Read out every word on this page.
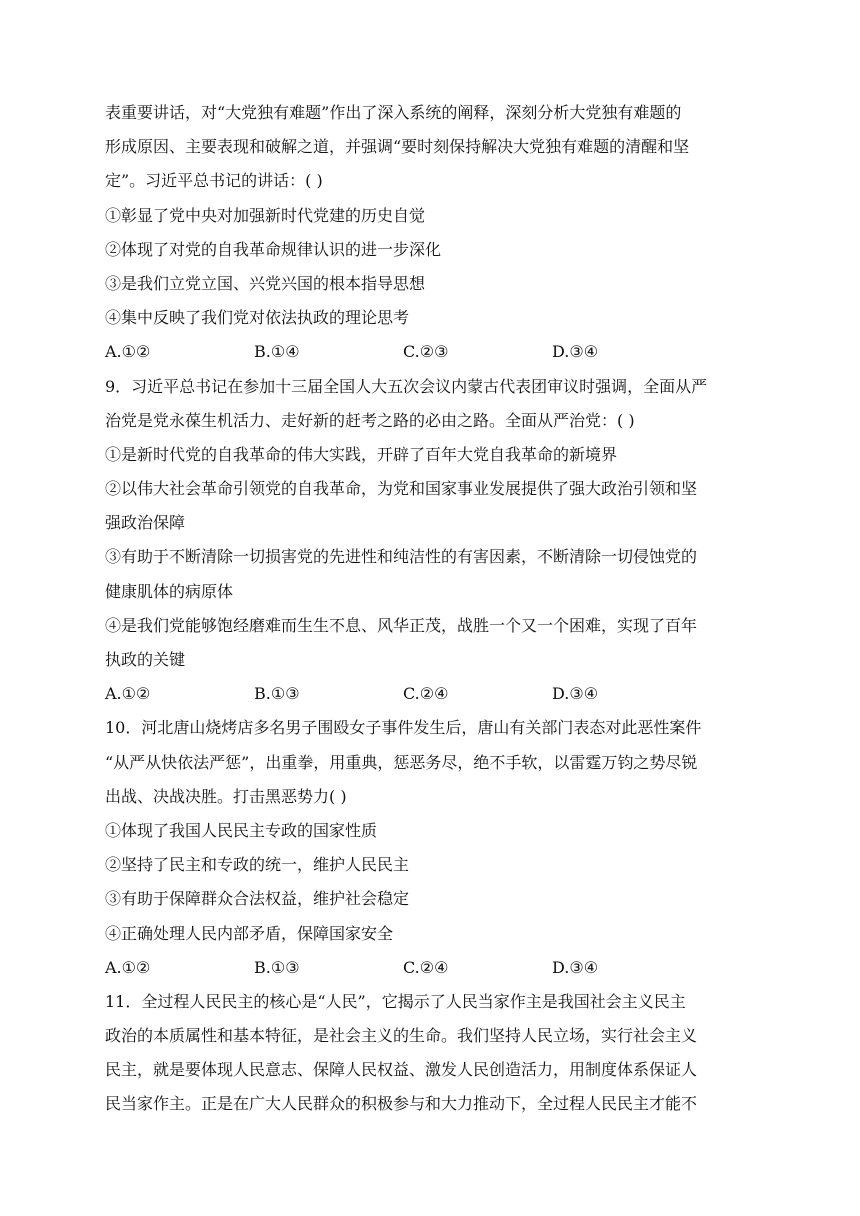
表重要讲话，对“大党独有难题”作出了深入系统的阐释，深刻分析大党独有难题的
形成原因、主要表现和破解之道，并强调“要时刻保持解决大党独有难题的清醒和坚
定”。习近平总书记的讲话：( )
①彰显了党中央对加强新时代党建的历史自觉
②体现了对党的自我革命规律认识的进一步深化
③是我们立党立国、兴党兴国的根本指导思想
④集中反映了我们党对依法执政的理论思考
A.①②	B.①④	C.②③	D.③④
9．习近平总书记在参加十三届全国人大五次会议内蒙古代表团审议时强调，全面从严
治党是党永葆生机活力、走好新的赶考之路的必由之路。全面从严治党：( )
①是新时代党的自我革命的伟大实践，开辟了百年大党自我革命的新境界
②以伟大社会革命引领党的自我革命，为党和国家事业发展提供了强大政治引领和坚
强政治保障
③有助于不断清除一切损害党的先进性和纯洁性的有害因素，不断清除一切侵蚀党的
健康肌体的病原体
④是我们党能够饱经磨难而生生不息、风华正茂，战胜一个又一个困难，实现了百年
执政的关键
A.①②	B.①③	C.②④	D.③④
10．河北唐山烧烤店多名男子围殴女子事件发生后，唐山有关部门表态对此恶性案件
“从严从快依法严惩”，出重拳，用重典，惩恶务尽，绝不手软，以雷霆万钧之势尽锐
出战、决战决胜。打击黑恶势力( )
①体现了我国人民民主专政的国家性质
②坚持了民主和专政的统一，维护人民民主
③有助于保障群众合法权益，维护社会稳定
④正确处理人民内部矛盾，保障国家安全
A.①②	B.①③	C.②④	D.③④
11．全过程人民民主的核心是“人民”，它揭示了人民当家作主是我国社会主义民主
政治的本质属性和基本特征，是社会主义的生命。我们坚持人民立场，实行社会主义
民主，就是要体现人民意志、保障人民权益、激发人民创造活力，用制度体系保证人
民当家作主。正是在广大人民群众的积极参与和大力推动下，全过程人民民主才能不
